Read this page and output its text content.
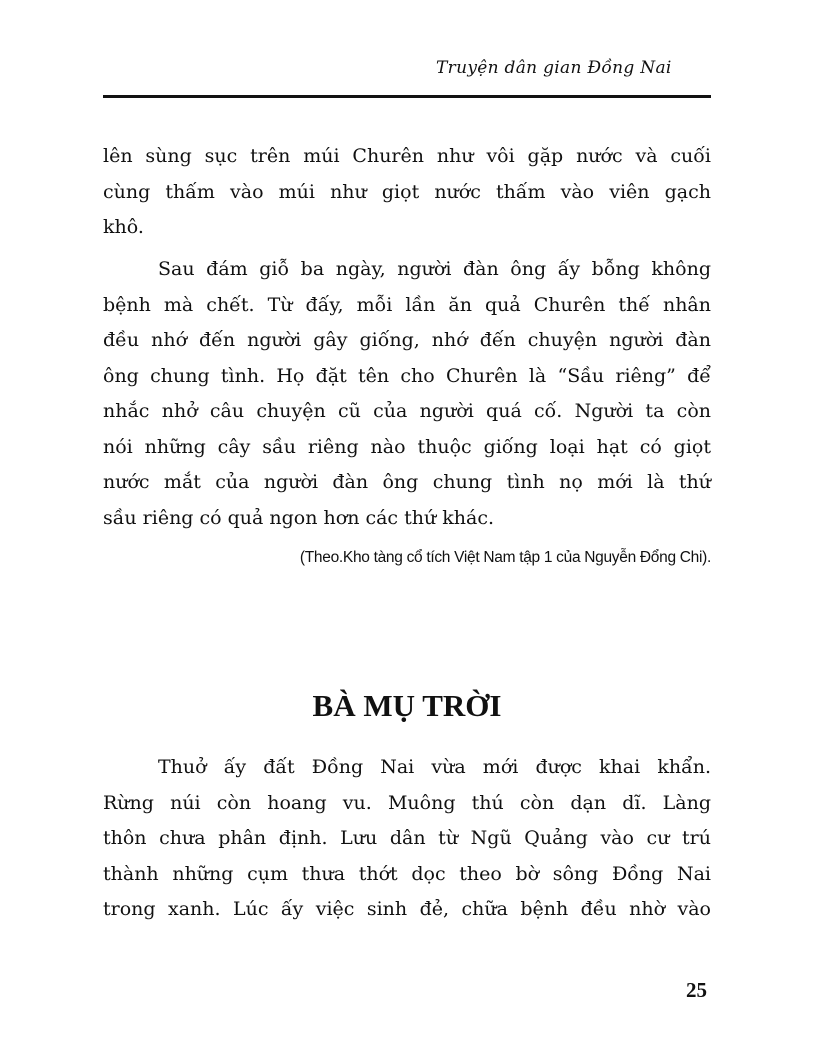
Truyện dân gian Đồng Nai
lên sùng sục trên múi Churên như vôi gặp nước và cuối
cùng thấm vào múi như giọt nước thấm vào viên gạch
khô.
Sau đám giỗ ba ngày, người đàn ông ấy bỗng không
bệnh mà chết. Từ đấy, mỗi lần ăn quả Churên thế nhân
đều nhớ đến người gây giống, nhớ đến chuyện người đàn
ông chung tình. Họ đặt tên cho Churên là “Sầu riêng” để
nhắc nhở câu chuyện cũ của người quá cố. Người ta còn
nói những cây sầu riêng nào thuộc giống loại hạt có giọt
nước mắt của người đàn ông chung tình nọ mới là thứ
sầu riêng có quả ngon hơn các thứ khác.
(Theo.Kho tàng cổ tích Việt Nam tập 1 của Nguyễn Đổng Chi).
BÀ MỤ TRỜI
Thuở ấy đất Đồng Nai vừa mới được khai khẩn.
Rừng núi còn hoang vu. Muông thú còn dạn dĩ. Làng
thôn chưa phân định. Lưu dân từ Ngũ Quảng vào cư trú
thành những cụm thưa thớt dọc theo bờ sông Đồng Nai
trong xanh. Lúc ấy việc sinh đẻ, chữa bệnh đều nhờ vào
25
